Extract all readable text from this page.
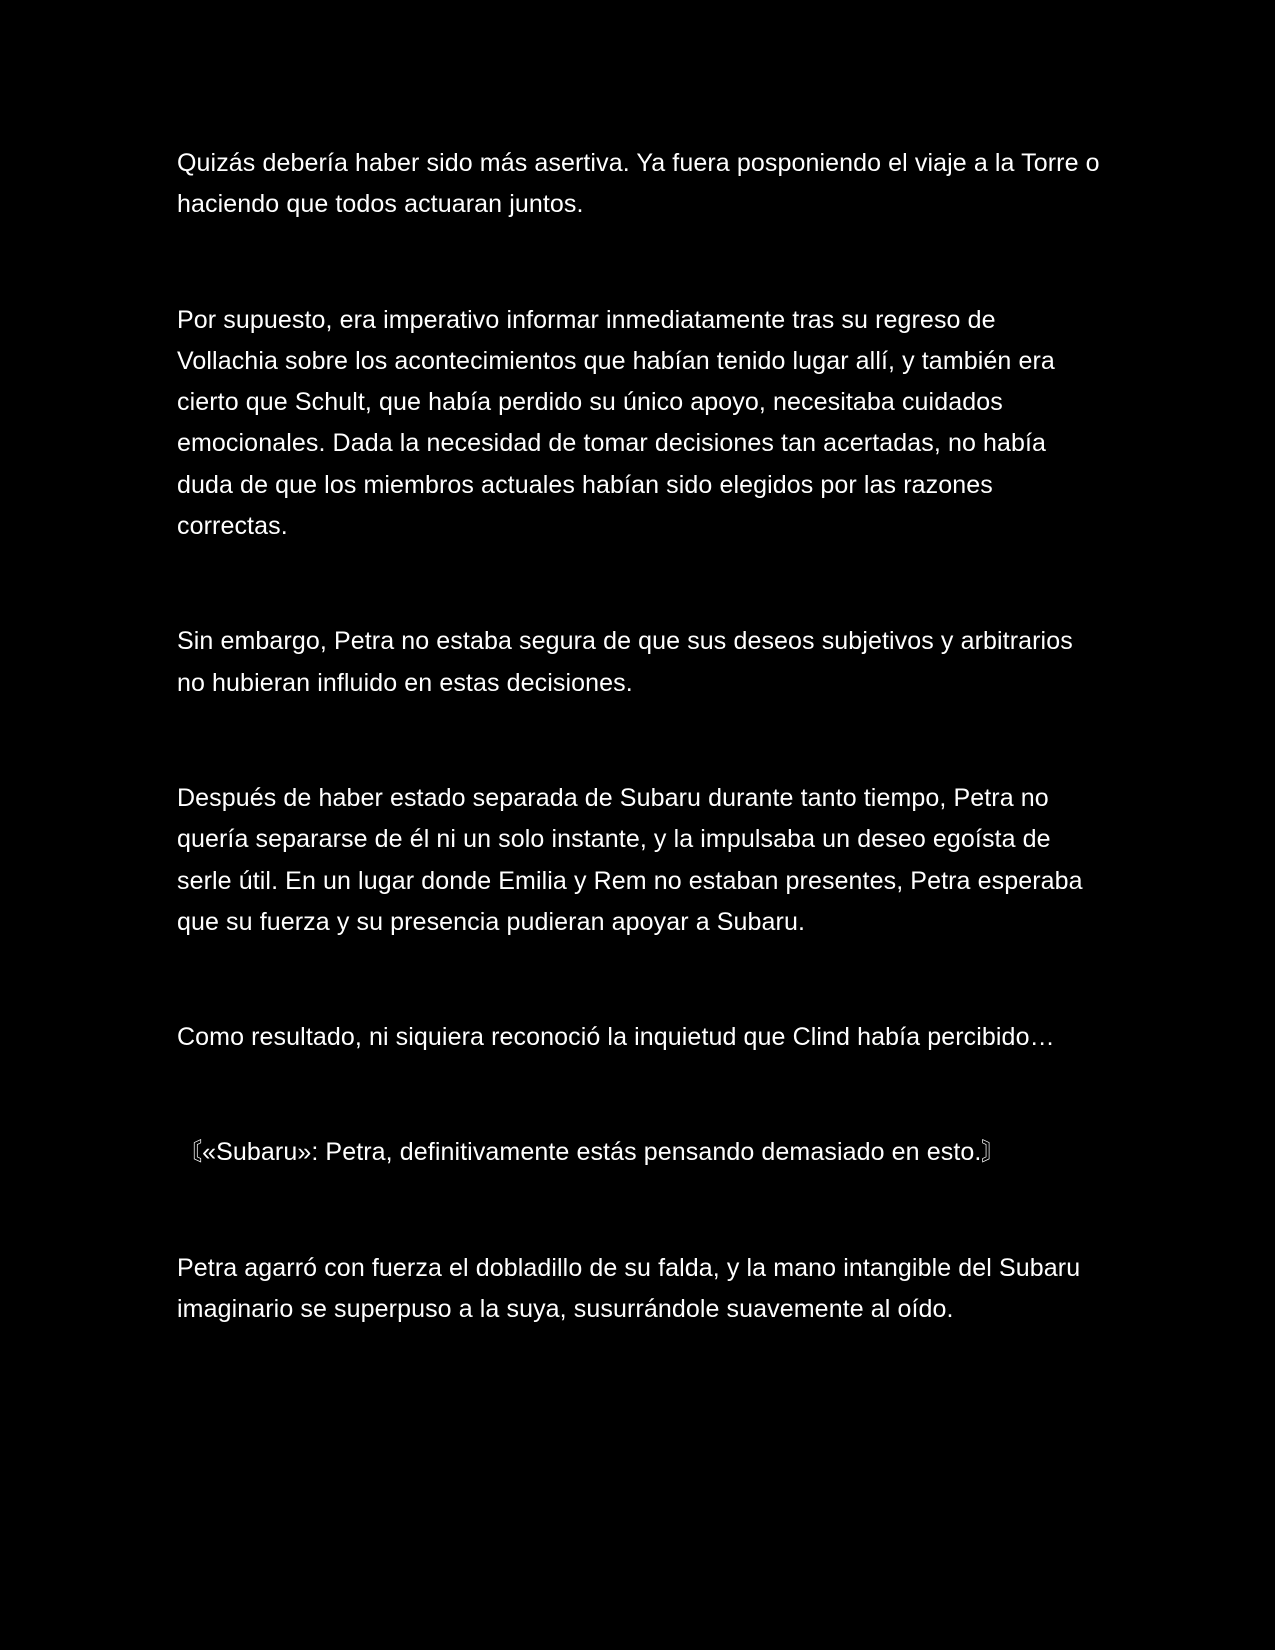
Quizás debería haber sido más asertiva. Ya fuera posponiendo el viaje a la Torre o haciendo que todos actuaran juntos.

Por supuesto, era imperativo informar inmediatamente tras su regreso de Vollachia sobre los acontecimientos que habían tenido lugar allí, y también era cierto que Schult, que había perdido su único apoyo, necesitaba cuidados emocionales. Dada la necesidad de tomar decisiones tan acertadas, no había duda de que los miembros actuales habían sido elegidos por las razones correctas.

Sin embargo, Petra no estaba segura de que sus deseos subjetivos y arbitrarios no hubieran influido en estas decisiones.

Después de haber estado separada de Subaru durante tanto tiempo, Petra no quería separarse de él ni un solo instante, y la impulsaba un deseo egoísta de serle útil. En un lugar donde Emilia y Rem no estaban presentes, Petra esperaba que su fuerza y su presencia pudieran apoyar a Subaru.

Como resultado, ni siquiera reconoció la inquietud que Clind había percibido…

〘«Subaru»: Petra, definitivamente estás pensando demasiado en esto.〙

Petra agarró con fuerza el dobladillo de su falda, y la mano intangible del Subaru imaginario se superpuso a la suya, susurrándole suavemente al oído.
